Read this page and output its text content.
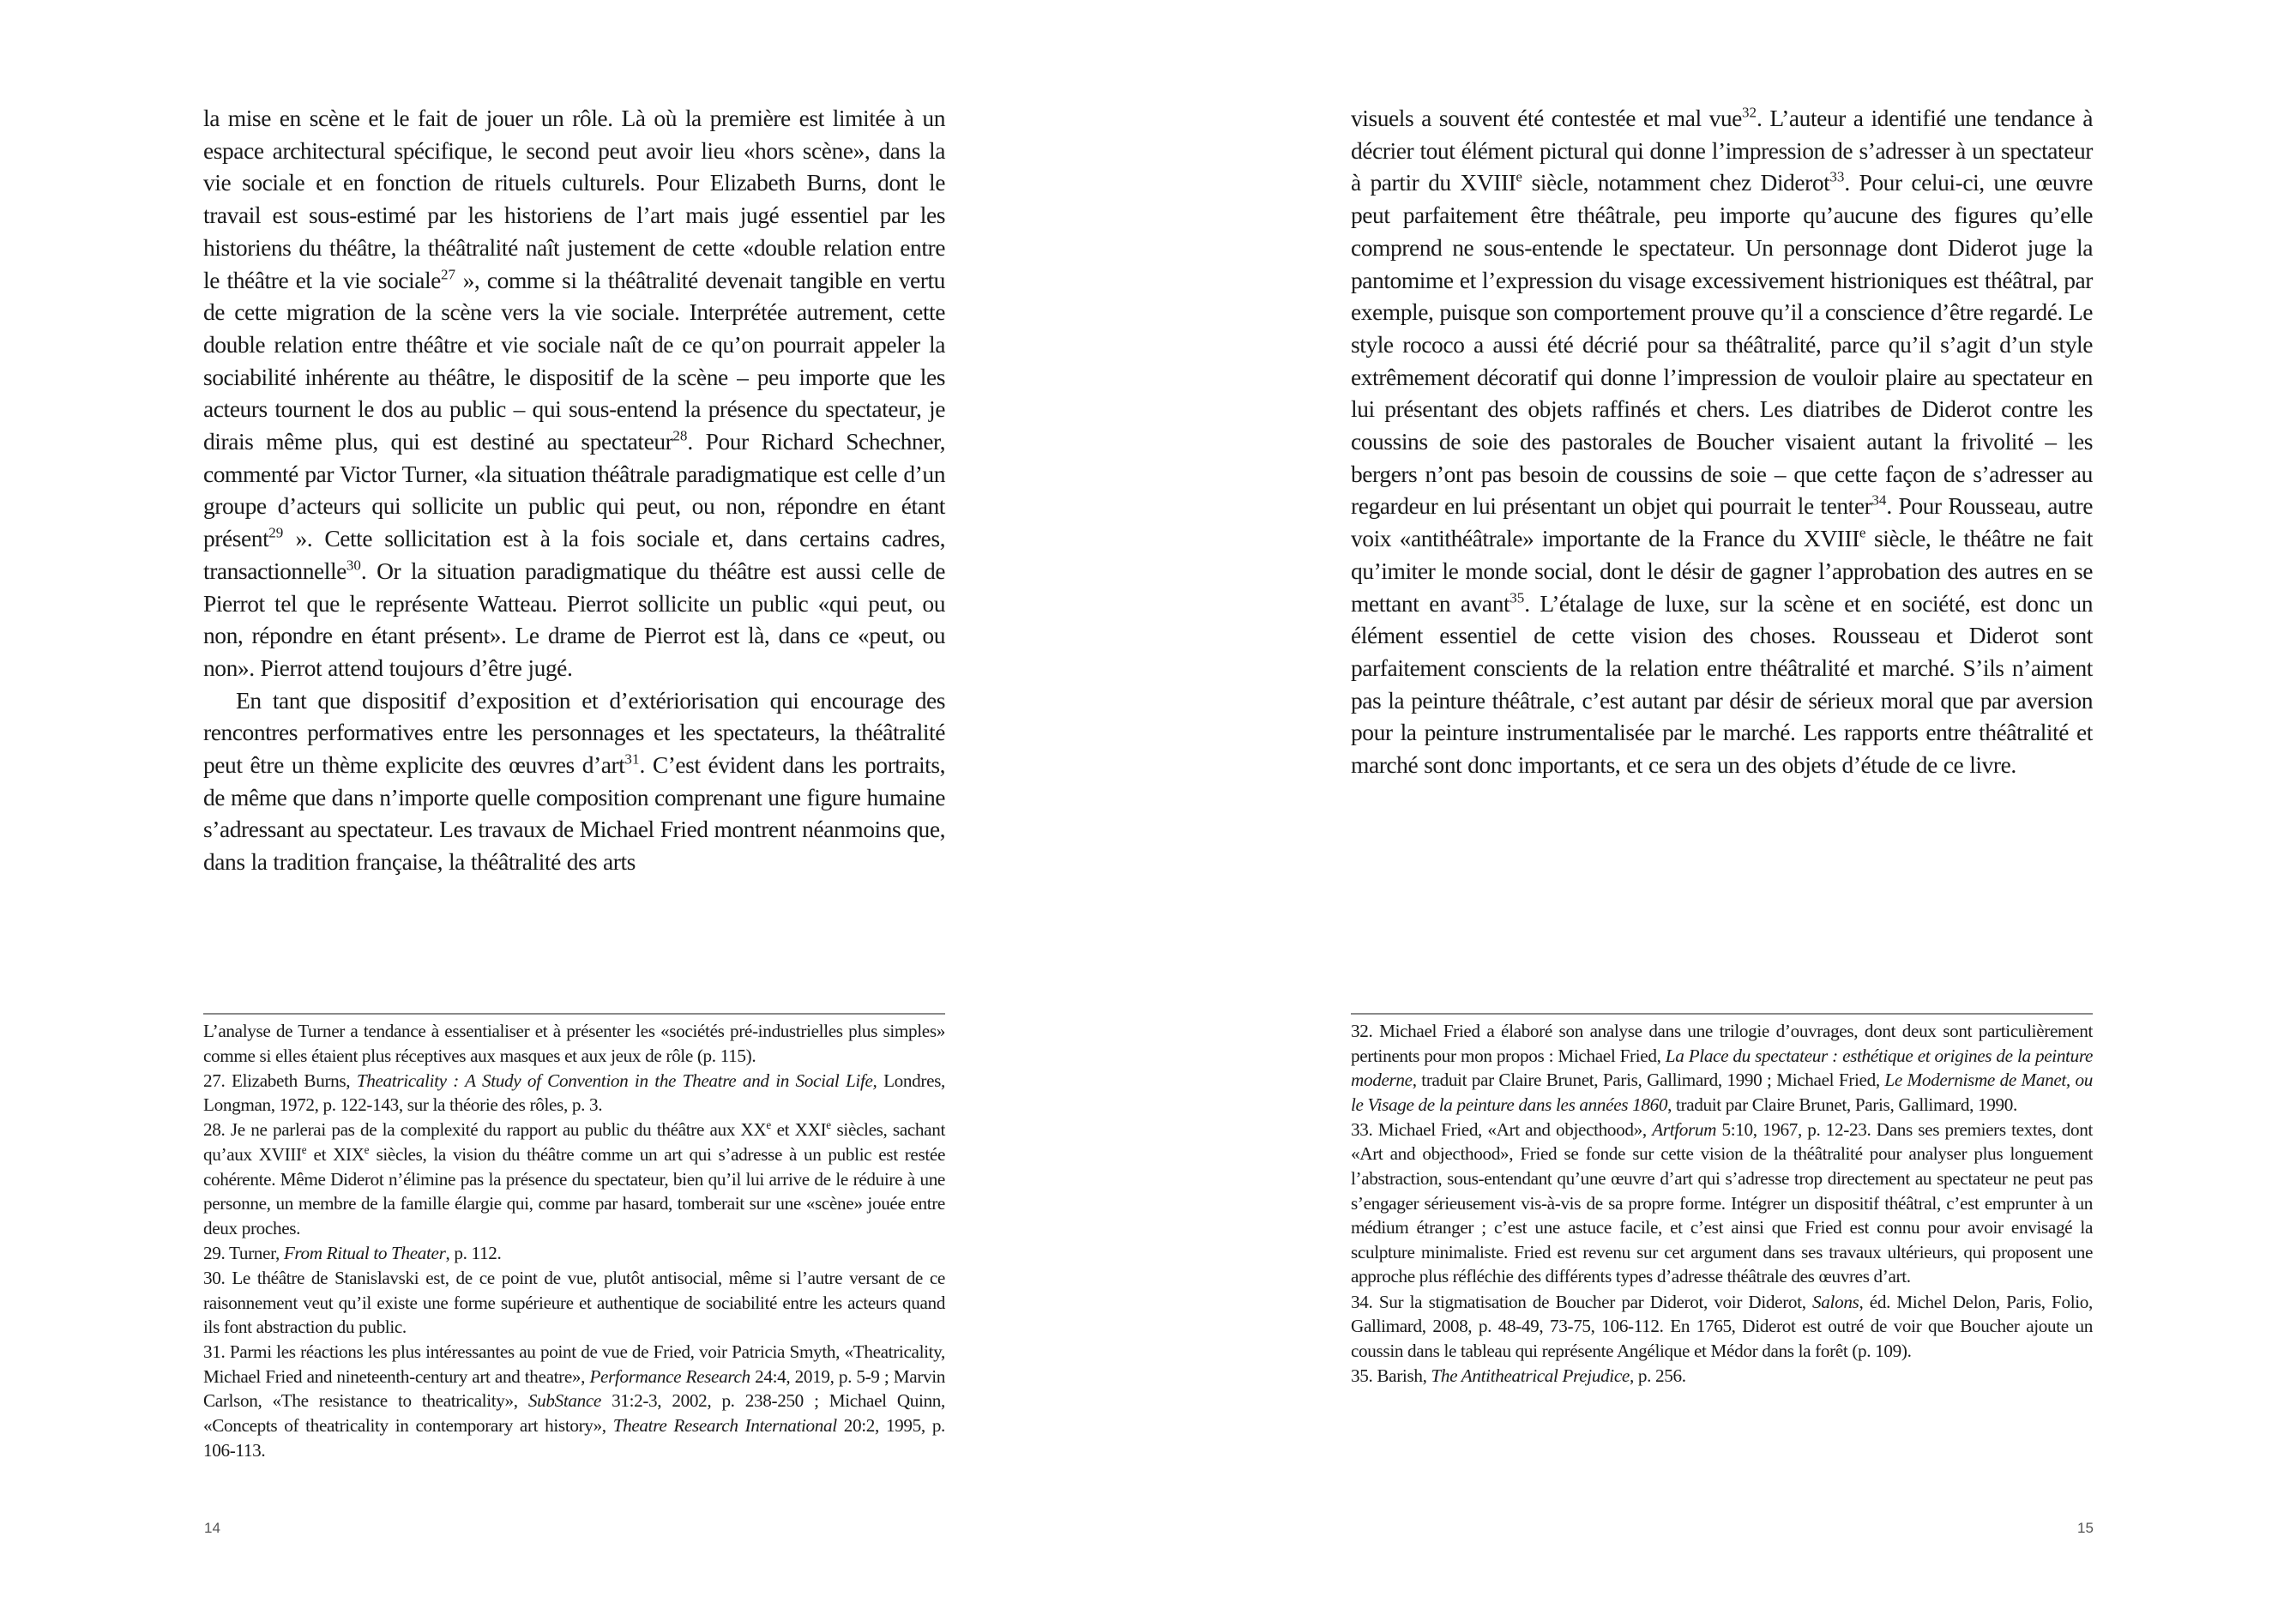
la mise en scène et le fait de jouer un rôle. Là où la première est limitée à un espace architectural spécifique, le second peut avoir lieu «hors scène», dans la vie sociale et en fonction de rituels culturels. Pour Elizabeth Burns, dont le travail est sous-estimé par les historiens de l’art mais jugé essentiel par les historiens du théâtre, la théâtralité naît justement de cette «double relation entre le théâtre et la vie sociale$^{27}$ », comme si la théâtralité devenait tangible en vertu de cette migration de la scène vers la vie sociale. Interprétée autrement, cette double relation entre théâtre et vie sociale naît de ce qu’on pourrait appeler la sociabilité inhérente au théâtre, le dispositif de la scène – peu importe que les acteurs tournent le dos au public – qui sous-entend la présence du spectateur, je dirais même plus, qui est destiné au spectateur$^{28}$. Pour Richard Schechner, commenté par Victor Turner, «la situation théâtrale paradigmatique est celle d’un groupe d’acteurs qui sollicite un public qui peut, ou non, répondre en étant présent$^{29}$ ». Cette sollicitation est à la fois sociale et, dans certains cadres, transactionnelle$^{30}$. Or la situation paradigmatique du théâtre est aussi celle de Pierrot tel que le représente Watteau. Pierrot sollicite un public «qui peut, ou non, répondre en étant présent». Le drame de Pierrot est là, dans ce «peut, ou non». Pierrot attend toujours d’être jugé.

En tant que dispositif d’exposition et d’extériorisation qui encourage des rencontres performatives entre les personnages et les spectateurs, la théâtralité peut être un thème explicite des œuvres d’art$^{31}$. C’est évident dans les portraits, de même que dans n’importe quelle composition comprenant une figure humaine s’adressant au spectateur. Les travaux de Michael Fried montrent néanmoins que, dans la tradition française, la théâtralité des arts

L’analyse de Turner a tendance à essentialiser et à présenter les «sociétés pré-industrielles plus simples» comme si elles étaient plus réceptives aux masques et aux jeux de rôle (p. 115).

27. Elizabeth Burns, Theatricality : A Study of Convention in the Theatre and in Social Life, Londres, Longman, 1972, p. 122-143, sur la théorie des rôles, p. 3.

28. Je ne parlerai pas de la complexité du rapport au public du théâtre aux XXe et XXIe siècles, sachant qu’aux XVIIIe et XIXe siècles, la vision du théâtre comme un art qui s’adresse à un public est restée cohérente. Même Diderot n’élimine pas la présence du spectateur, bien qu’il lui arrive de le réduire à une personne, un membre de la famille élargie qui, comme par hasard, tomberait sur une «scène» jouée entre deux proches.

29. Turner, From Ritual to Theater, p. 112.

30. Le théâtre de Stanislavski est, de ce point de vue, plutôt antisocial, même si l’autre versant de ce raisonnement veut qu’il existe une forme supérieure et authentique de sociabilité entre les acteurs quand ils font abstraction du public.

31. Parmi les réactions les plus intéressantes au point de vue de Fried, voir Patricia Smyth, «Theatricality, Michael Fried and nineteenth-century art and theatre», Performance Research 24:4, 2019, p. 5-9 ; Marvin Carlson, «The resistance to theatricality», SubStance 31:2-3, 2002, p. 238-250 ; Michael Quinn, «Concepts of theatricality in contemporary art history», Theatre Research International 20:2, 1995, p. 106-113.

14

visuels a souvent été contestée et mal vue$^{32}$. L’auteur a identifié une tendance à décrier tout élément pictural qui donne l’impression de s’adresser à un spectateur à partir du XVIIIe siècle, notamment chez Diderot$^{33}$. Pour celui-ci, une œuvre peut parfaitement être théâtrale, peu importe qu’aucune des figures qu’elle comprend ne sous-entende le spectateur. Un personnage dont Diderot juge la pantomime et l’expression du visage excessivement histrioniques est théâtral, par exemple, puisque son comportement prouve qu’il a conscience d’être regardé. Le style rococo a aussi été décrié pour sa théâtralité, parce qu’il s’agit d’un style extrêmement décoratif qui donne l’impression de vouloir plaire au spectateur en lui présentant des objets raffinés et chers. Les diatribes de Diderot contre les coussins de soie des pastorales de Boucher visaient autant la frivolité – les bergers n’ont pas besoin de coussins de soie – que cette façon de s’adresser au regardeur en lui présentant un objet qui pourrait le tenter$^{34}$. Pour Rousseau, autre voix «antithéâtrale» importante de la France du XVIIIe siècle, le théâtre ne fait qu’imiter le monde social, dont le désir de gagner l’approbation des autres en se mettant en avant$^{35}$. L’étalage de luxe, sur la scène et en société, est donc un élément essentiel de cette vision des choses. Rousseau et Diderot sont parfaitement conscients de la relation entre théâtralité et marché. S’ils n’aiment pas la peinture théâtrale, c’est autant par désir de sérieux moral que par aversion pour la peinture instrumentalisée par le marché. Les rapports entre théâtralité et marché sont donc importants, et ce sera un des objets d’étude de ce livre.

32. Michael Fried a élaboré son analyse dans une trilogie d’ouvrages, dont deux sont particulièrement pertinents pour mon propos : Michael Fried, La Place du spectateur : esthétique et origines de la peinture moderne, traduit par Claire Brunet, Paris, Gallimard, 1990 ; Michael Fried, Le Modernisme de Manet, ou le Visage de la peinture dans les années 1860, traduit par Claire Brunet, Paris, Gallimard, 1990.

33. Michael Fried, «Art and objecthood», Artforum 5:10, 1967, p. 12-23. Dans ses premiers textes, dont «Art and objecthood», Fried se fonde sur cette vision de la théâtralité pour analyser plus longuement l’abstraction, sous-entendant qu’une œuvre d’art qui s’adresse trop directement au spectateur ne peut pas s’engager sérieusement vis-à-vis de sa propre forme. Intégrer un dispositif théâtral, c’est emprunter à un médium étranger ; c’est une astuce facile, et c’est ainsi que Fried est connu pour avoir envisagé la sculpture minimaliste. Fried est revenu sur cet argument dans ses travaux ultérieurs, qui proposent une approche plus réfléchie des différents types d’adresse théâtrale des œuvres d’art.

34. Sur la stigmatisation de Boucher par Diderot, voir Diderot, Salons, éd. Michel Delon, Paris, Folio, Gallimard, 2008, p. 48-49, 73-75, 106-112. En 1765, Diderot est outré de voir que Boucher ajoute un coussin dans le tableau qui représente Angélique et Médor dans la forêt (p. 109).

35. Barish, The Antitheatrical Prejudice, p. 256.

15
